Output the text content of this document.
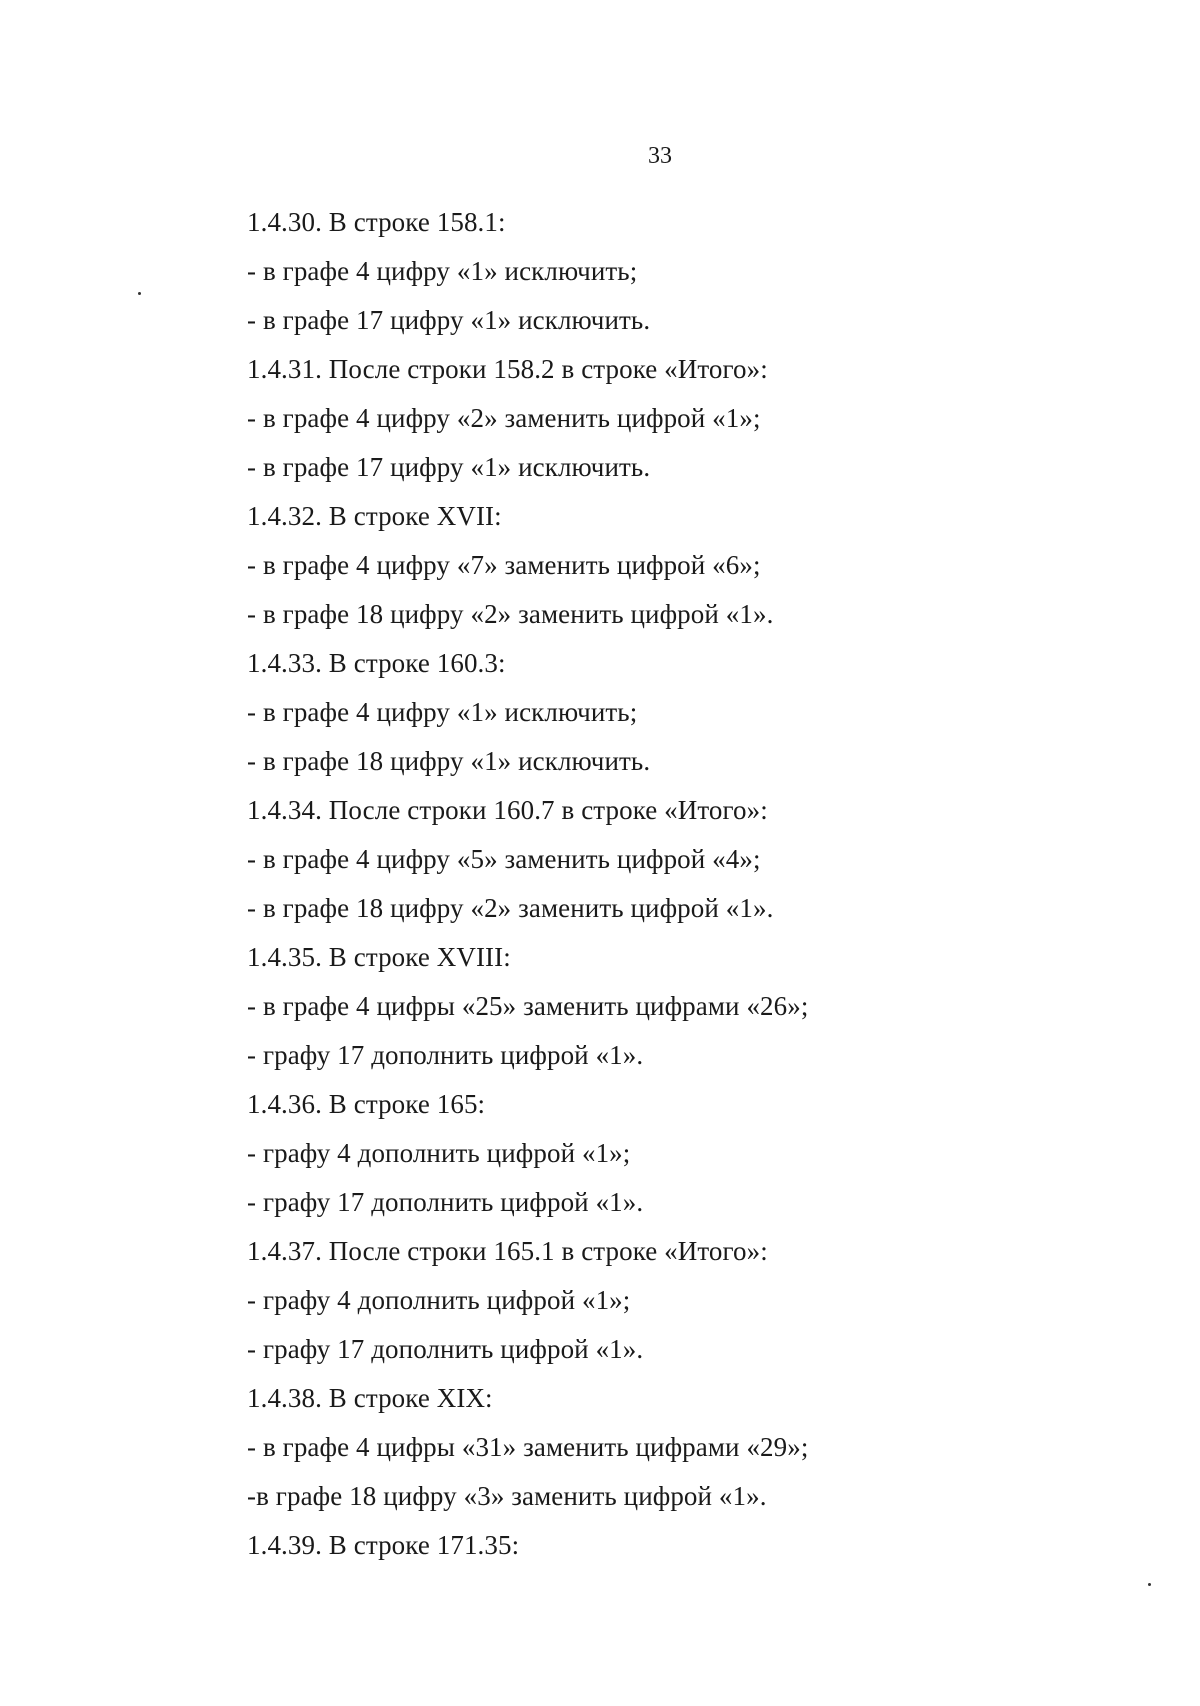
33
1.4.30. В строке 158.1:
- в графе 4 цифру «1» исключить;
- в графе 17 цифру «1» исключить.
1.4.31. После строки 158.2 в строке «Итого»:
- в графе 4 цифру «2» заменить цифрой «1»;
- в графе 17 цифру «1» исключить.
1.4.32. В строке XVII:
- в графе 4 цифру «7» заменить цифрой «6»;
- в графе 18 цифру «2» заменить цифрой «1».
1.4.33. В строке 160.3:
- в графе 4 цифру «1» исключить;
- в графе 18 цифру «1» исключить.
1.4.34. После строки 160.7 в строке «Итого»:
- в графе 4 цифру «5» заменить цифрой «4»;
- в графе 18 цифру «2» заменить цифрой «1».
1.4.35. В строке XVIII:
- в графе 4 цифры «25» заменить цифрами «26»;
- графу 17 дополнить цифрой «1».
1.4.36. В строке 165:
- графу 4 дополнить цифрой «1»;
- графу 17 дополнить цифрой «1».
1.4.37. После строки 165.1 в строке «Итого»:
- графу 4 дополнить цифрой «1»;
- графу 17 дополнить цифрой «1».
1.4.38. В строке XIX:
- в графе 4 цифры «31» заменить цифрами «29»;
-в графе 18 цифру «3» заменить цифрой «1».
1.4.39. В строке 171.35:
